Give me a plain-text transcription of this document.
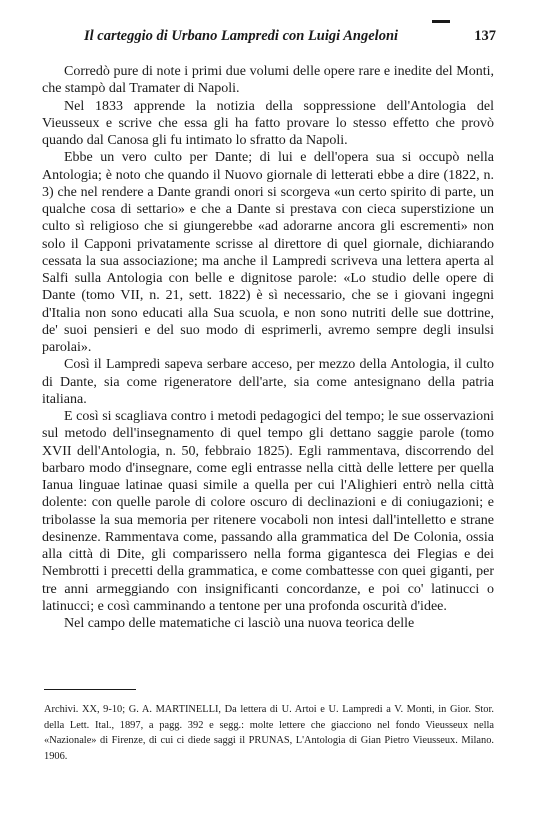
Il carteggio di Urbano Lampredi con Luigi Angeloni	137

Corredò pure di note i primi due volumi delle opere rare e inedite del Monti, che stampò dal Tramater di Napoli.

Nel 1833 apprende la notizia della soppressione dell'Antologia del Vieusseux e scrive che essa gli ha fatto provare lo stesso effetto che provò quando dal Canosa gli fu intimato lo sfratto da Napoli.

Ebbe un vero culto per Dante; di lui e dell'opera sua si occupò nella Antologia; è noto che quando il Nuovo giornale di letterati ebbe a dire (1822, n. 3) che nel rendere a Dante grandi onori si scorgeva «un certo spirito di parte, un qualche cosa di settario» e che a Dante si prestava con cieca superstizione un culto sì religioso che si giungerebbe «ad adorarne ancora gli escrementi» non solo il Capponi privatamente scrisse al direttore di quel giornale, dichiarando cessata la sua associazione; ma anche il Lampredi scriveva una lettera aperta al Salfi sulla Antologia con belle e dignitose parole: «Lo studio delle opere di Dante (tomo VII, n. 21, sett. 1822) è sì necessario, che se i giovani ingegni d'Italia non sono educati alla Sua scuola, e non sono nutriti delle sue dottrine, de' suoi pensieri e del suo modo di esprimerli, avremo sempre degli insulsi parolai».

Così il Lampredi sapeva serbare acceso, per mezzo della Antologia, il culto di Dante, sia come rigeneratore dell'arte, sia come antesignano della patria italiana.

E così si scagliava contro i metodi pedagogici del tempo; le sue osservazioni sul metodo dell'insegnamento di quel tempo gli dettano saggie parole (tomo XVII dell'Antologia, n. 50, febbraio 1825). Egli rammentava, discorrendo del barbaro modo d'insegnare, come egli entrasse nella città delle lettere per quella Ianua linguae latinae quasi simile a quella per cui l'Alighieri entrò nella città dolente: con quelle parole di colore oscuro di declinazioni e di coniugazioni; e tribolasse la sua memoria per ritenere vocaboli non intesi dall'intelletto e strane desinenze. Rammentava come, passando alla grammatica del De Colonia, ossia alla città di Dite, gli comparissero nella forma gigantesca dei Flegias e dei Nembrotti i precetti della grammatica, e come combattesse con quei giganti, per tre anni armeggiando con insignificanti concordanze, e poi co' latinucci o latinucci; e così camminando a tentone per una profonda oscurità d'idee.

Nel campo delle matematiche ci lasciò una nuova teorica delle

Archivi. XX, 9-10; G. A. MARTINELLI, Da lettera di U. Artoi e U. Lampredi a V. Monti, in Gior. Stor. della Lett. Ital., 1897, a pagg. 392 e segg.: molte lettere che giacciono nel fondo Vieusseux nella «Nazionale» di Firenze, di cui ci diede saggi il PRUNAS, L'Antologia di Gian Pietro Vieusseux. Milano. 1906.
